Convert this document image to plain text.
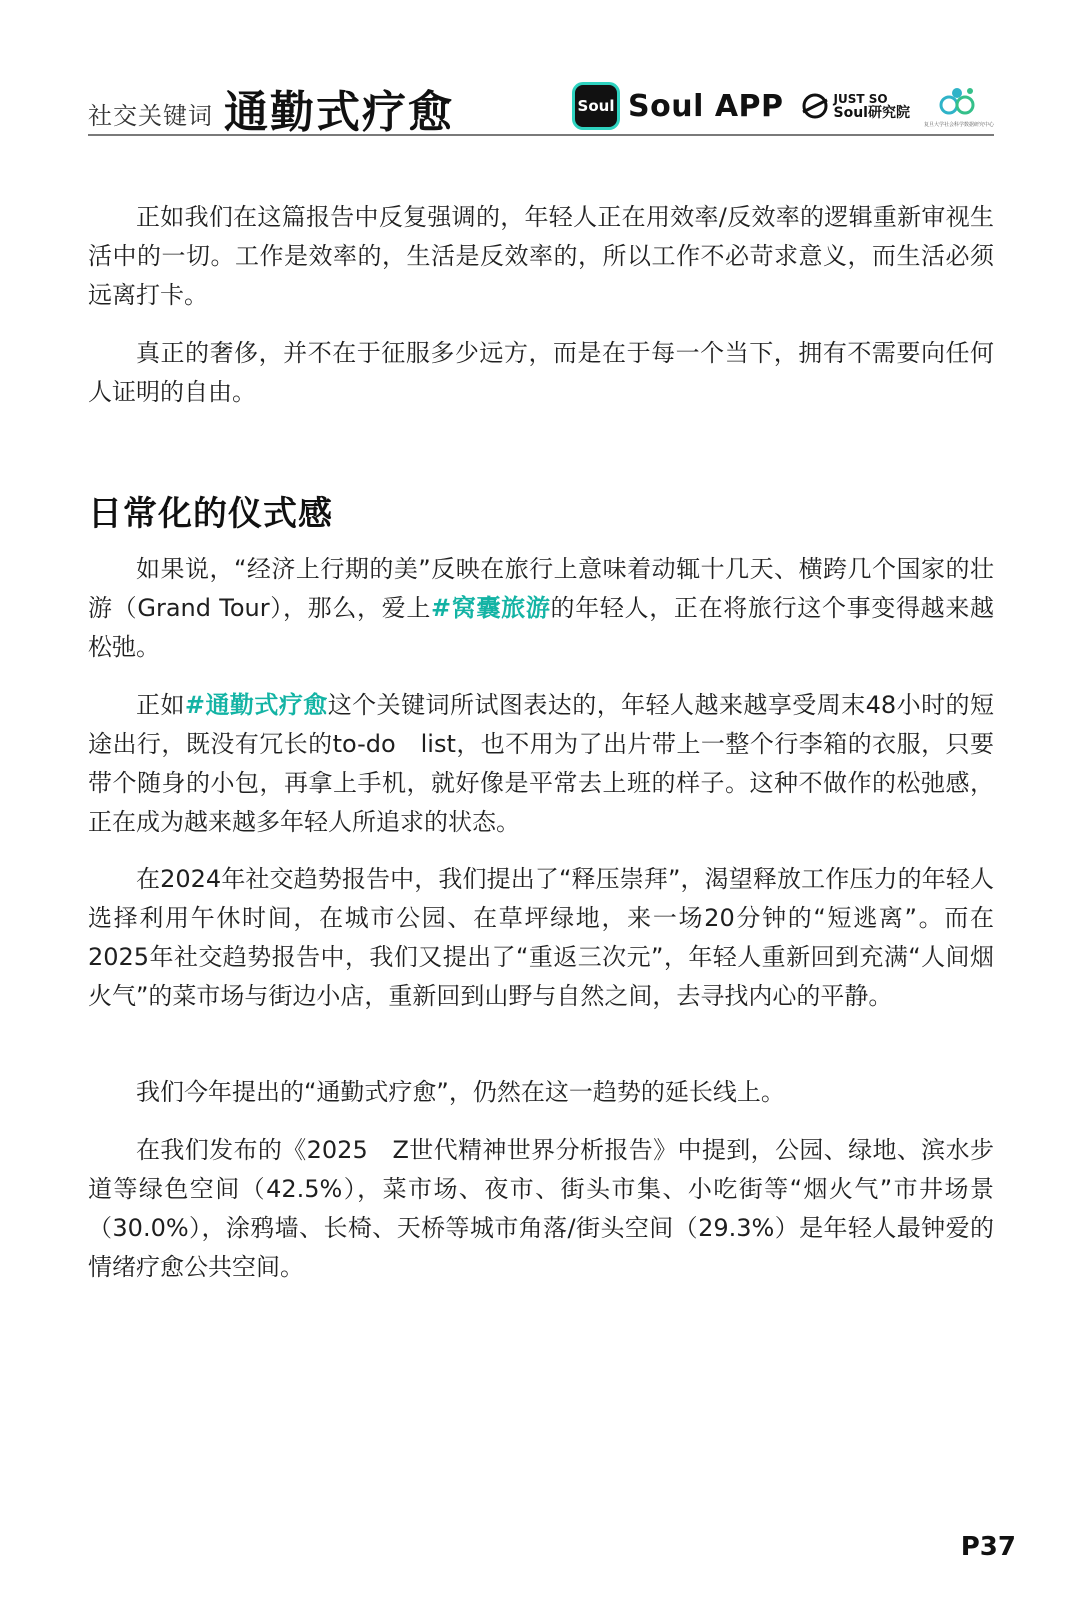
社交关键词 通勤式疗愈	Soul Soul APP	JUST SO
Soul研究院
复旦大学社会科学数据研究中心

正如我们在这篇报告中反复强调的，年轻人正在用效率/反效率的逻辑重新审视生活中的一切。工作是效率的，生活是反效率的，所以工作不必苛求意义，而生活必须远离打卡。

真正的奢侈，并不在于征服多少远方，而是在于每一个当下，拥有不需要向任何人证明的自由。

日常化的仪式感

如果说，“经济上行期的美”反映在旅行上意味着动辄十几天、横跨几个国家的壮游（Grand Tour），那么，爱上#窝囊旅游的年轻人，正在将旅行这个事变得越来越松弛。

正如#通勤式疗愈这个关键词所试图表达的，年轻人越来越享受周末48小时的短途出行，既没有冗长的to-do　list，也不用为了出片带上一整个行李箱的衣服，只要带个随身的小包，再拿上手机，就好像是平常去上班的样子。这种不做作的松弛感，正在成为越来越多年轻人所追求的状态。

在2024年社交趋势报告中，我们提出了“释压崇拜”，渴望释放工作压力的年轻人选择利用午休时间，在城市公园、在草坪绿地，来一场20分钟的“短逃离”。而在2025年社交趋势报告中，我们又提出了“重返三次元”，年轻人重新回到充满“人间烟火气”的菜市场与街边小店，重新回到山野与自然之间，去寻找内心的平静。

我们今年提出的“通勤式疗愈”，仍然在这一趋势的延长线上。

在我们发布的《2025　Z世代精神世界分析报告》中提到，公园、绿地、滨水步道等绿色空间（42.5%），菜市场、夜市、街头市集、小吃街等“烟火气”市井场景（30.0%），涂鸦墙、长椅、天桥等城市角落/街头空间（29.3%）是年轻人最钟爱的情绪疗愈公共空间。

P37
